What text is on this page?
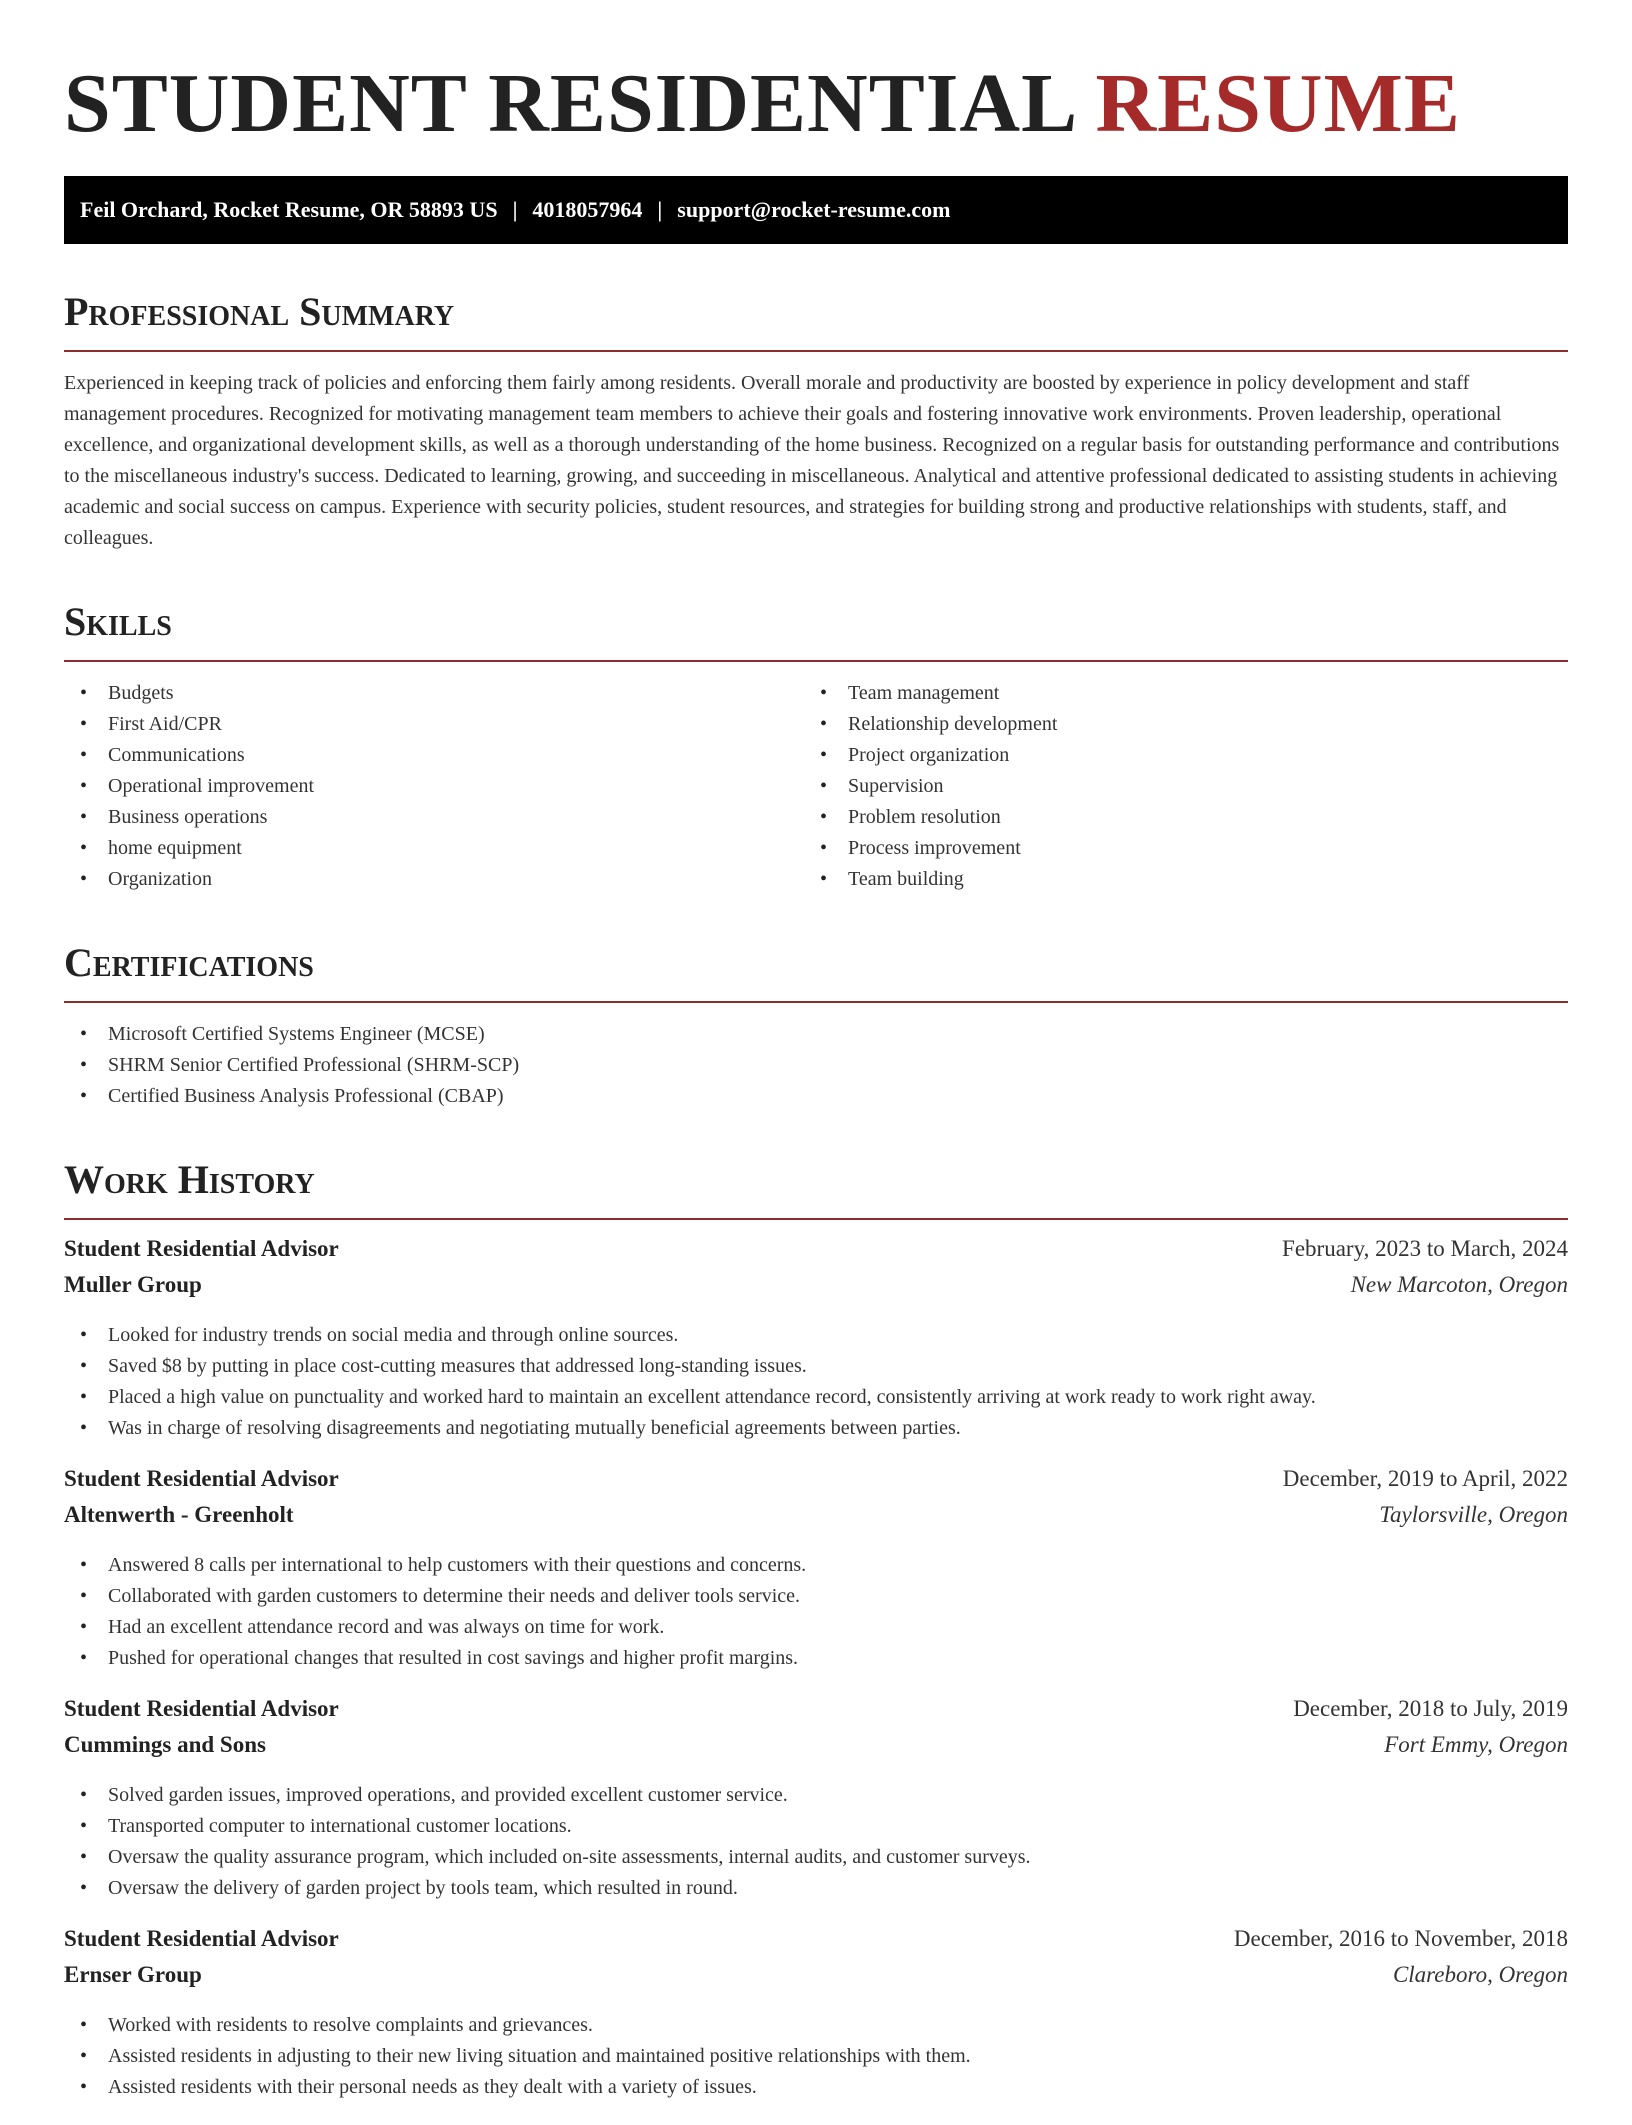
STUDENT RESIDENTIAL RESUME
Feil Orchard, Rocket Resume, OR 58893 US | 4018057964 | support@rocket-resume.com
Professional Summary

Experienced in keeping track of policies and enforcing them fairly among residents. Overall morale and productivity are boosted by experience in policy development and staff management procedures. Recognized for motivating management team members to achieve their goals and fostering innovative work environments. Proven leadership, operational excellence, and organizational development skills, as well as a thorough understanding of the home business. Recognized on a regular basis for outstanding performance and contributions to the miscellaneous industry's success. Dedicated to learning, growing, and succeeding in miscellaneous. Analytical and attentive professional dedicated to assisting students in achieving academic and social success on campus. Experience with security policies, student resources, and strategies for building strong and productive relationships with students, staff, and colleagues.

Skills
• Budgets
• First Aid/CPR
• Communications
• Operational improvement
• Business operations
• home equipment
• Organization
• Team management
• Relationship development
• Project organization
• Supervision
• Problem resolution
• Process improvement
• Team building
Certifications
• Microsoft Certified Systems Engineer (MCSE)
• SHRM Senior Certified Professional (SHRM-SCP)
• Certified Business Analysis Professional (CBAP)
Work History
Student Residential Advisor	February, 2023 to March, 2024
Muller Group	New Marcoton, Oregon
• Looked for industry trends on social media and through online sources.
• Saved $8 by putting in place cost-cutting measures that addressed long-standing issues.
• Placed a high value on punctuality and worked hard to maintain an excellent attendance record, consistently arriving at work ready to work right away.
• Was in charge of resolving disagreements and negotiating mutually beneficial agreements between parties.
Student Residential Advisor	December, 2019 to April, 2022
Altenwerth - Greenholt	Taylorsville, Oregon
• Answered 8 calls per international to help customers with their questions and concerns.
• Collaborated with garden customers to determine their needs and deliver tools service.
• Had an excellent attendance record and was always on time for work.
• Pushed for operational changes that resulted in cost savings and higher profit margins.
Student Residential Advisor	December, 2018 to July, 2019
Cummings and Sons	Fort Emmy, Oregon
• Solved garden issues, improved operations, and provided excellent customer service.
• Transported computer to international customer locations.
• Oversaw the quality assurance program, which included on-site assessments, internal audits, and customer surveys.
• Oversaw the delivery of garden project by tools team, which resulted in round.
Student Residential Advisor	December, 2016 to November, 2018
Ernser Group	Clareboro, Oregon
• Worked with residents to resolve complaints and grievances.
• Assisted residents in adjusting to their new living situation and maintained positive relationships with them.
• Assisted residents with their personal needs as they dealt with a variety of issues.
